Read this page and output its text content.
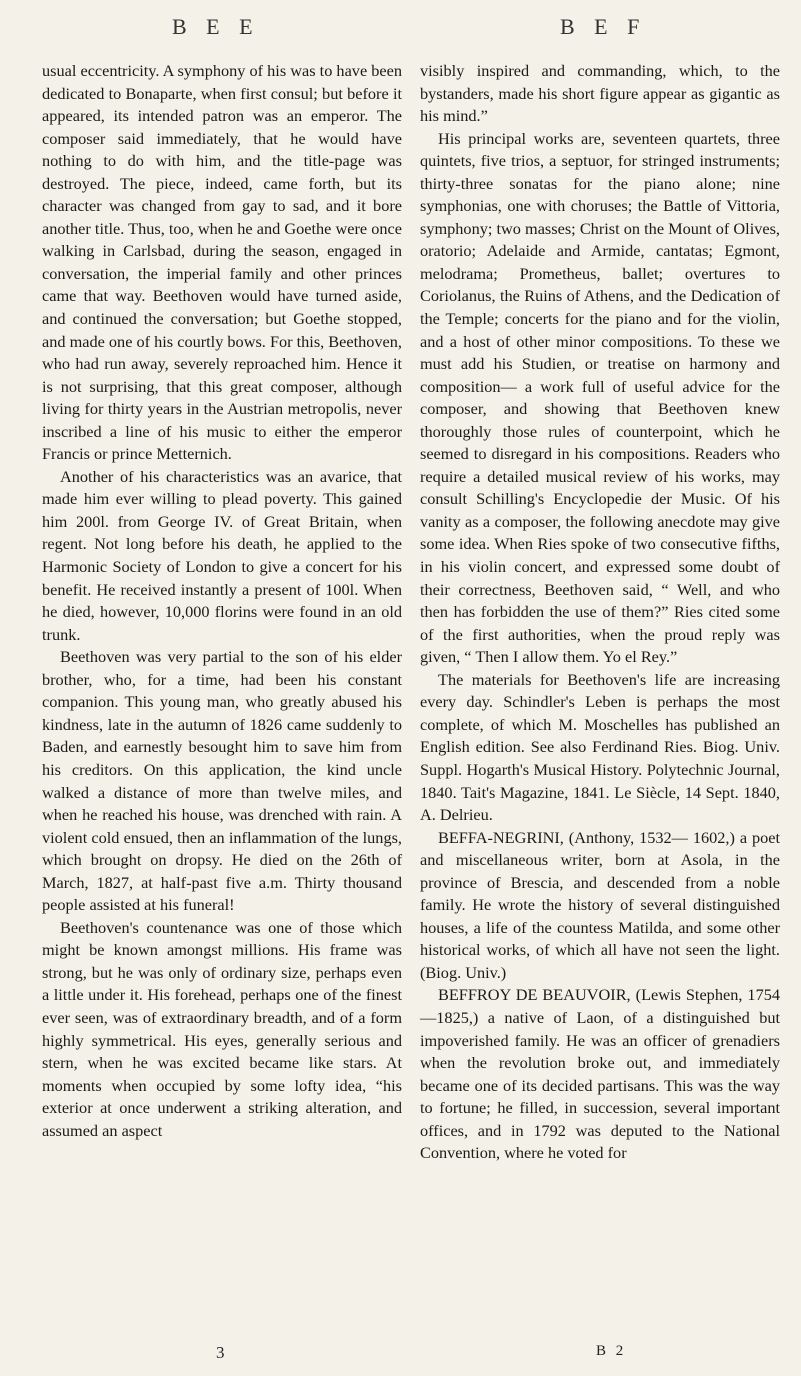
B E E	B E F

usual eccentricity. A symphony of his was to have been dedicated to Bonaparte, when first consul; but before it appeared, its intended patron was an emperor. The composer said immediately, that he would have nothing to do with him, and the title-page was destroyed. The piece, indeed, came forth, but its character was changed from gay to sad, and it bore another title. Thus, too, when he and Goethe were once walking in Carlsbad, during the season, engaged in conversation, the imperial family and other princes came that way. Beethoven would have turned aside, and continued the conversation; but Goethe stopped, and made one of his courtly bows. For this, Beethoven, who had run away, severely reproached him. Hence it is not surprising, that this great composer, although living for thirty years in the Austrian metropolis, never inscribed a line of his music to either the emperor Francis or prince Metternich.

Another of his characteristics was an avarice, that made him ever willing to plead poverty. This gained him 200l. from George IV. of Great Britain, when regent. Not long before his death, he applied to the Harmonic Society of London to give a concert for his benefit. He received instantly a present of 100l. When he died, however, 10,000 florins were found in an old trunk.

Beethoven was very partial to the son of his elder brother, who, for a time, had been his constant companion. This young man, who greatly abused his kindness, late in the autumn of 1826 came suddenly to Baden, and earnestly besought him to save him from his creditors. On this application, the kind uncle walked a distance of more than twelve miles, and when he reached his house, was drenched with rain. A violent cold ensued, then an inflammation of the lungs, which brought on dropsy. He died on the 26th of March, 1827, at half-past five a.m. Thirty thousand people assisted at his funeral!

Beethoven's countenance was one of those which might be known amongst millions. His frame was strong, but he was only of ordinary size, perhaps even a little under it. His forehead, perhaps one of the finest ever seen, was of extraordinary breadth, and of a form highly symmetrical. His eyes, generally serious and stern, when he was excited became like stars. At moments when occupied by some lofty idea, “his exterior at once underwent a striking alteration, and assumed an aspect

visibly inspired and commanding, which, to the bystanders, made his short figure appear as gigantic as his mind.”

His principal works are, seventeen quartets, three quintets, five trios, a septuor, for stringed instruments; thirty-three sonatas for the piano alone; nine symphonias, one with choruses; the Battle of Vittoria, symphony; two masses; Christ on the Mount of Olives, oratorio; Adelaide and Armide, cantatas; Egmont, melodrama; Prometheus, ballet; overtures to Coriolanus, the Ruins of Athens, and the Dedication of the Temple; concerts for the piano and for the violin, and a host of other minor compositions. To these we must add his Studien, or treatise on harmony and composition— a work full of useful advice for the composer, and showing that Beethoven knew thoroughly those rules of counterpoint, which he seemed to disregard in his compositions. Readers who require a detailed musical review of his works, may consult Schilling's Encyclopedie der Music. Of his vanity as a composer, the following anecdote may give some idea. When Ries spoke of two consecutive fifths, in his violin concert, and expressed some doubt of their correctness, Beethoven said, “ Well, and who then has forbidden the use of them?” Ries cited some of the first authorities, when the proud reply was given, “ Then I allow them. Yo el Rey.”

The materials for Beethoven's life are increasing every day. Schindler's Leben is perhaps the most complete, of which M. Moschelles has published an English edition. See also Ferdinand Ries. Biog. Univ. Suppl. Hogarth's Musical History. Polytechnic Journal, 1840. Tait's Magazine, 1841. Le Siècle, 14 Sept. 1840, A. Delrieu.

BEFFA-NEGRINI, (Anthony, 1532— 1602,) a poet and miscellaneous writer, born at Asola, in the province of Brescia, and descended from a noble family. He wrote the history of several distinguished houses, a life of the countess Matilda, and some other historical works, of which all have not seen the light. (Biog. Univ.)

BEFFROY DE BEAUVOIR, (Lewis Stephen, 1754—1825,) a native of Laon, of a distinguished but impoverished family. He was an officer of grenadiers when the revolution broke out, and immediately became one of its decided partisans. This was the way to fortune; he filled, in succession, several important offices, and in 1792 was deputed to the National Convention, where he voted for

3	B 2
